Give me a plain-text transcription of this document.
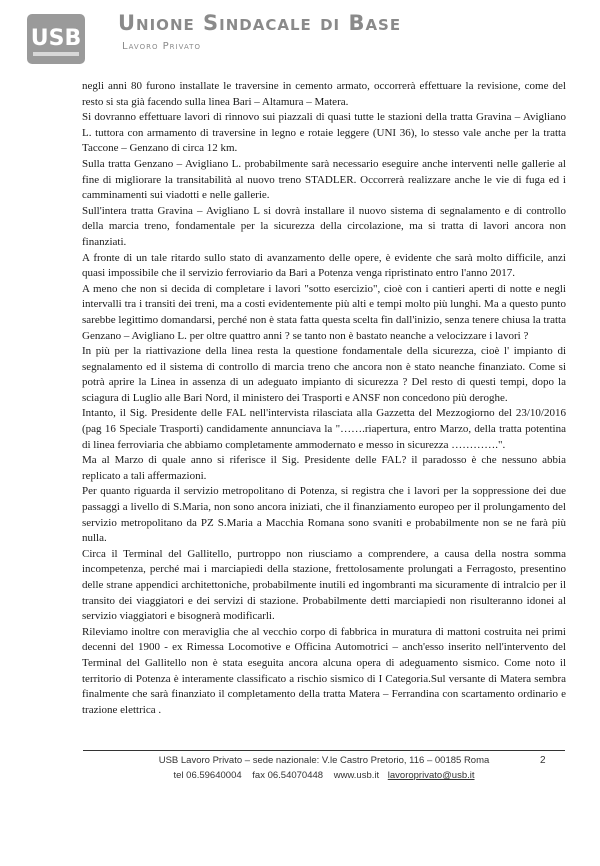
USB
Unione Sindacale di Base
Lavoro Privato

negli anni 80 furono installate le traversine in cemento armato, occorrerà effettuare la revisione, come del resto si sta già facendo sulla linea Bari – Altamura – Matera.

Si dovranno effettuare lavori di rinnovo sui piazzali di quasi tutte le stazioni della tratta Gravina – Avigliano L. tuttora con armamento di traversine in legno e rotaie leggere (UNI 36), lo stesso vale anche per la tratta Taccone – Genzano di circa 12 km.

Sulla tratta Genzano – Avigliano L. probabilmente sarà necessario eseguire anche interventi nelle gallerie al fine di migliorare la transitabilità al nuovo treno STADLER. Occorrerà realizzare anche le vie di fuga ed i camminamenti sui viadotti e nelle gallerie.

Sull'intera tratta Gravina – Avigliano L si dovrà installare il nuovo sistema di segnalamento e di controllo della marcia treno, fondamentale per la sicurezza della circolazione, ma si tratta di lavori ancora non finanziati.

A fronte di un tale ritardo sullo stato di avanzamento delle opere, è evidente che sarà molto difficile, anzi quasi impossibile che il servizio ferroviario da Bari a Potenza venga ripristinato entro l'anno 2017.

A meno che non si decida di completare i lavori "sotto esercizio", cioè con i cantieri aperti di notte e negli intervalli tra i transiti dei treni, ma a costi evidentemente più alti e tempi molto più lunghi. Ma a questo punto sarebbe legittimo domandarsi, perché non è stata fatta questa scelta fin dall'inizio, senza tenere chiusa la tratta Genzano – Avigliano L. per oltre quattro anni ? se tanto non è bastato neanche a velocizzare i lavori ?

In più per la riattivazione della linea resta la questione fondamentale della sicurezza, cioè l' impianto di segnalamento ed il sistema di controllo di marcia treno che ancora non è stato neanche finanziato. Come si potrà aprire la Linea in assenza di un adeguato impianto di sicurezza ? Del resto di questi tempi, dopo la sciagura di Luglio alle Bari Nord, il ministero dei Trasporti e ANSF non concedono più deroghe.

Intanto, il Sig. Presidente delle FAL nell'intervista rilasciata alla Gazzetta del Mezzogiorno del 23/10/2016 (pag 16 Speciale Trasporti) candidamente annunciava la "…….riapertura, entro Marzo, della tratta potentina di linea ferroviaria che abbiamo completamente ammodernato e messo in sicurezza ………….".

Ma al Marzo di quale anno si riferisce il Sig. Presidente delle FAL? il paradosso è che nessuno abbia replicato a tali affermazioni.

Per quanto riguarda il servizio metropolitano di Potenza, si registra che i lavori per la soppressione dei due passaggi a livello di S.Maria, non sono ancora iniziati, che il finanziamento europeo per il prolungamento del servizio metropolitano da PZ S.Maria a Macchia Romana sono svaniti e probabilmente non se ne farà più nulla.

Circa il Terminal del Gallitello, purtroppo non riusciamo a comprendere, a causa della nostra somma incompetenza, perché mai i marciapiedi della stazione, frettolosamente prolungati a Ferragosto, presentino delle strane appendici architettoniche, probabilmente inutili ed ingombranti ma sicuramente di intralcio per il transito dei viaggiatori e dei servizi di stazione. Probabilmente detti marciapiedi non risulteranno idonei al servizio viaggiatori e bisognerà modificarli.

Rileviamo inoltre con meraviglia che al vecchio corpo di fabbrica in muratura di mattoni costruita nei primi decenni del 1900 - ex Rimessa Locomotive e Officina Automotrici – anch'esso inserito nell'intervento del Terminal del Gallitello non è stata eseguita ancora alcuna opera di adeguamento sismico. Come noto il territorio di Potenza è interamente classificato a rischio sismico di I Categoria.Sul versante di Matera sembra finalmente che sarà finanziato il completamento della tratta Matera – Ferrandina con scartamento ordinario e trazione elettrica .

USB Lavoro Privato – sede nazionale: V.le Castro Pretorio, 116 – 00185 Roma
tel 06.59640004 fax 06.54070448 www.usb.it lavoroprivato@usb.it
2
